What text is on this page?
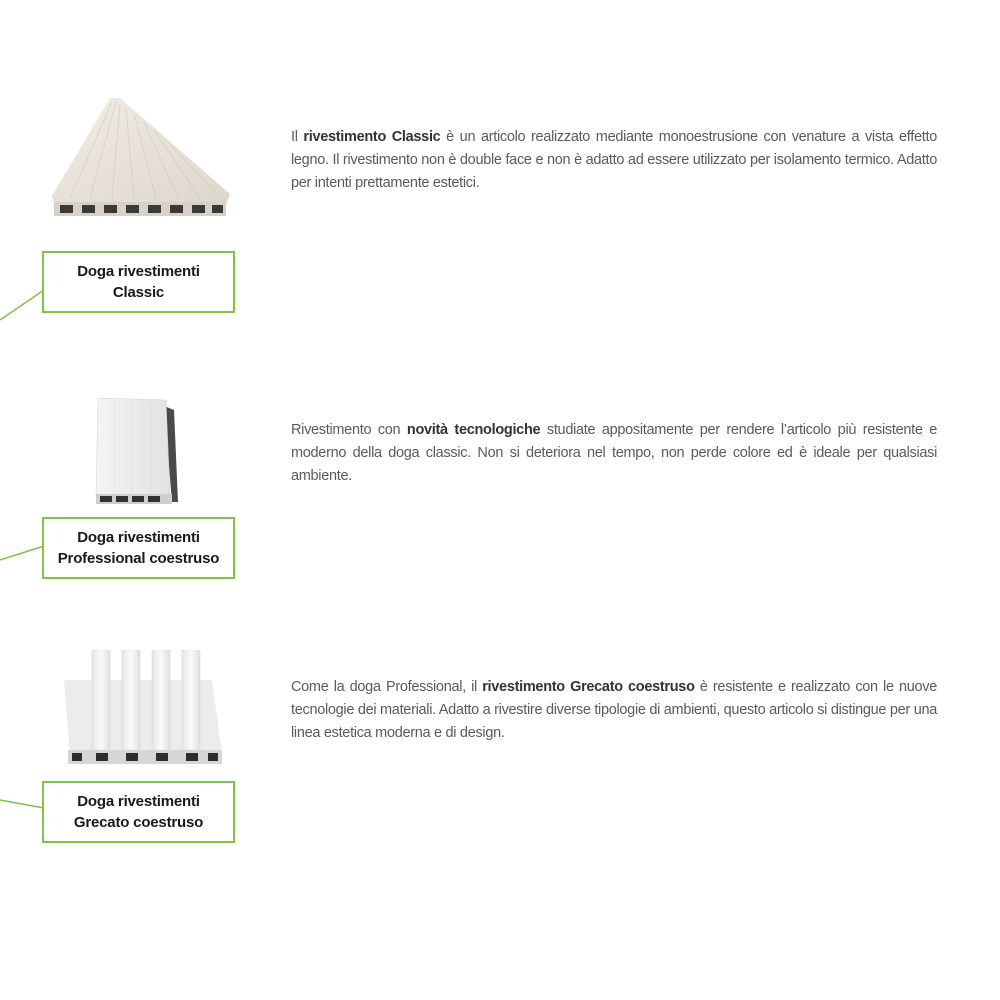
Doga rivestimenti
Classic

Il rivestimento Classic è un articolo realizzato mediante monoestrusione con venature a vista effetto legno. Il rivestimento non è double face e non è adatto ad essere utilizzato per isolamento termico. Adatto per intenti prettamente estetici.

Doga rivestimenti
Professional coestruso

Rivestimento con novità tecnologiche studiate appositamente per rendere l’articolo più resistente e moderno della doga classic. Non si deteriora nel tempo, non perde colore ed è ideale per qualsiasi ambiente.

Doga rivestimenti
Grecato coestruso

Come la doga Professional, il rivestimento Grecato coestruso è resistente e realizzato con le nuove tecnologie dei materiali. Adatto a rivestire diverse tipologie di ambienti, questo articolo si distingue per una linea estetica moderna e di design.
